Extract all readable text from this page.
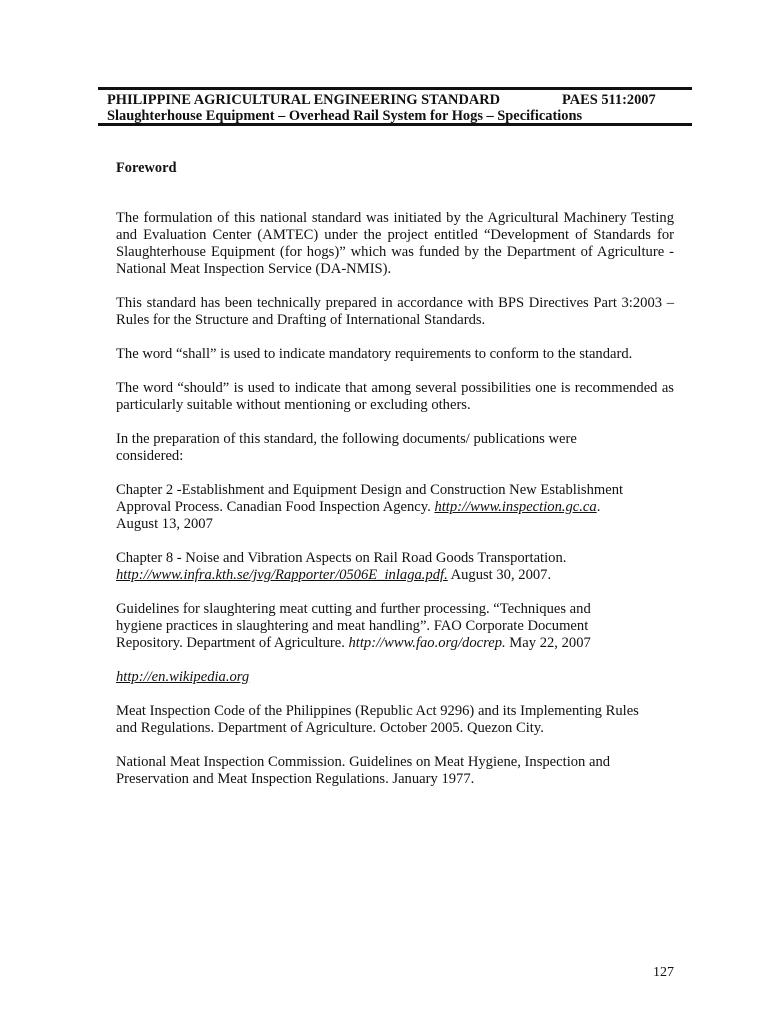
PHILIPPINE AGRICULTURAL ENGINEERING STANDARD	PAES 511:2007
Slaughterhouse Equipment – Overhead Rail System for Hogs – Specifications
Foreword

The formulation of this national standard was initiated by the Agricultural Machinery Testing and Evaluation Center (AMTEC) under the project entitled “Development of Standards for Slaughterhouse Equipment (for hogs)” which was funded by the Department of Agriculture - National Meat Inspection Service (DA-NMIS).

This standard has been technically prepared in accordance with BPS Directives Part 3:2003 – Rules for the Structure and Drafting of International Standards.

The word “shall” is used to indicate mandatory requirements to conform to the standard.

The word “should” is used to indicate that among several possibilities one is recommended as particularly suitable without mentioning or excluding others.

In the preparation of this standard, the following documents/ publications were
considered:

Chapter 2 -Establishment and Equipment Design and Construction New Establishment
Approval Process. Canadian Food Inspection Agency. http://www.inspection.gc.ca.
August 13, 2007

Chapter 8 - Noise and Vibration Aspects on Rail Road Goods Transportation.
http://www.infra.kth.se/jvg/Rapporter/0506E_inlaga.pdf. August 30, 2007.

Guidelines for slaughtering meat cutting and further processing. “Techniques and
hygiene practices in slaughtering and meat handling”. FAO Corporate Document
Repository. Department of Agriculture. http://www.fao.org/docrep. May 22, 2007

http://en.wikipedia.org

Meat Inspection Code of the Philippines (Republic Act 9296) and its Implementing Rules
and Regulations. Department of Agriculture. October 2005. Quezon City.

National Meat Inspection Commission. Guidelines on Meat Hygiene, Inspection and
Preservation and Meat Inspection Regulations. January 1977.

127
